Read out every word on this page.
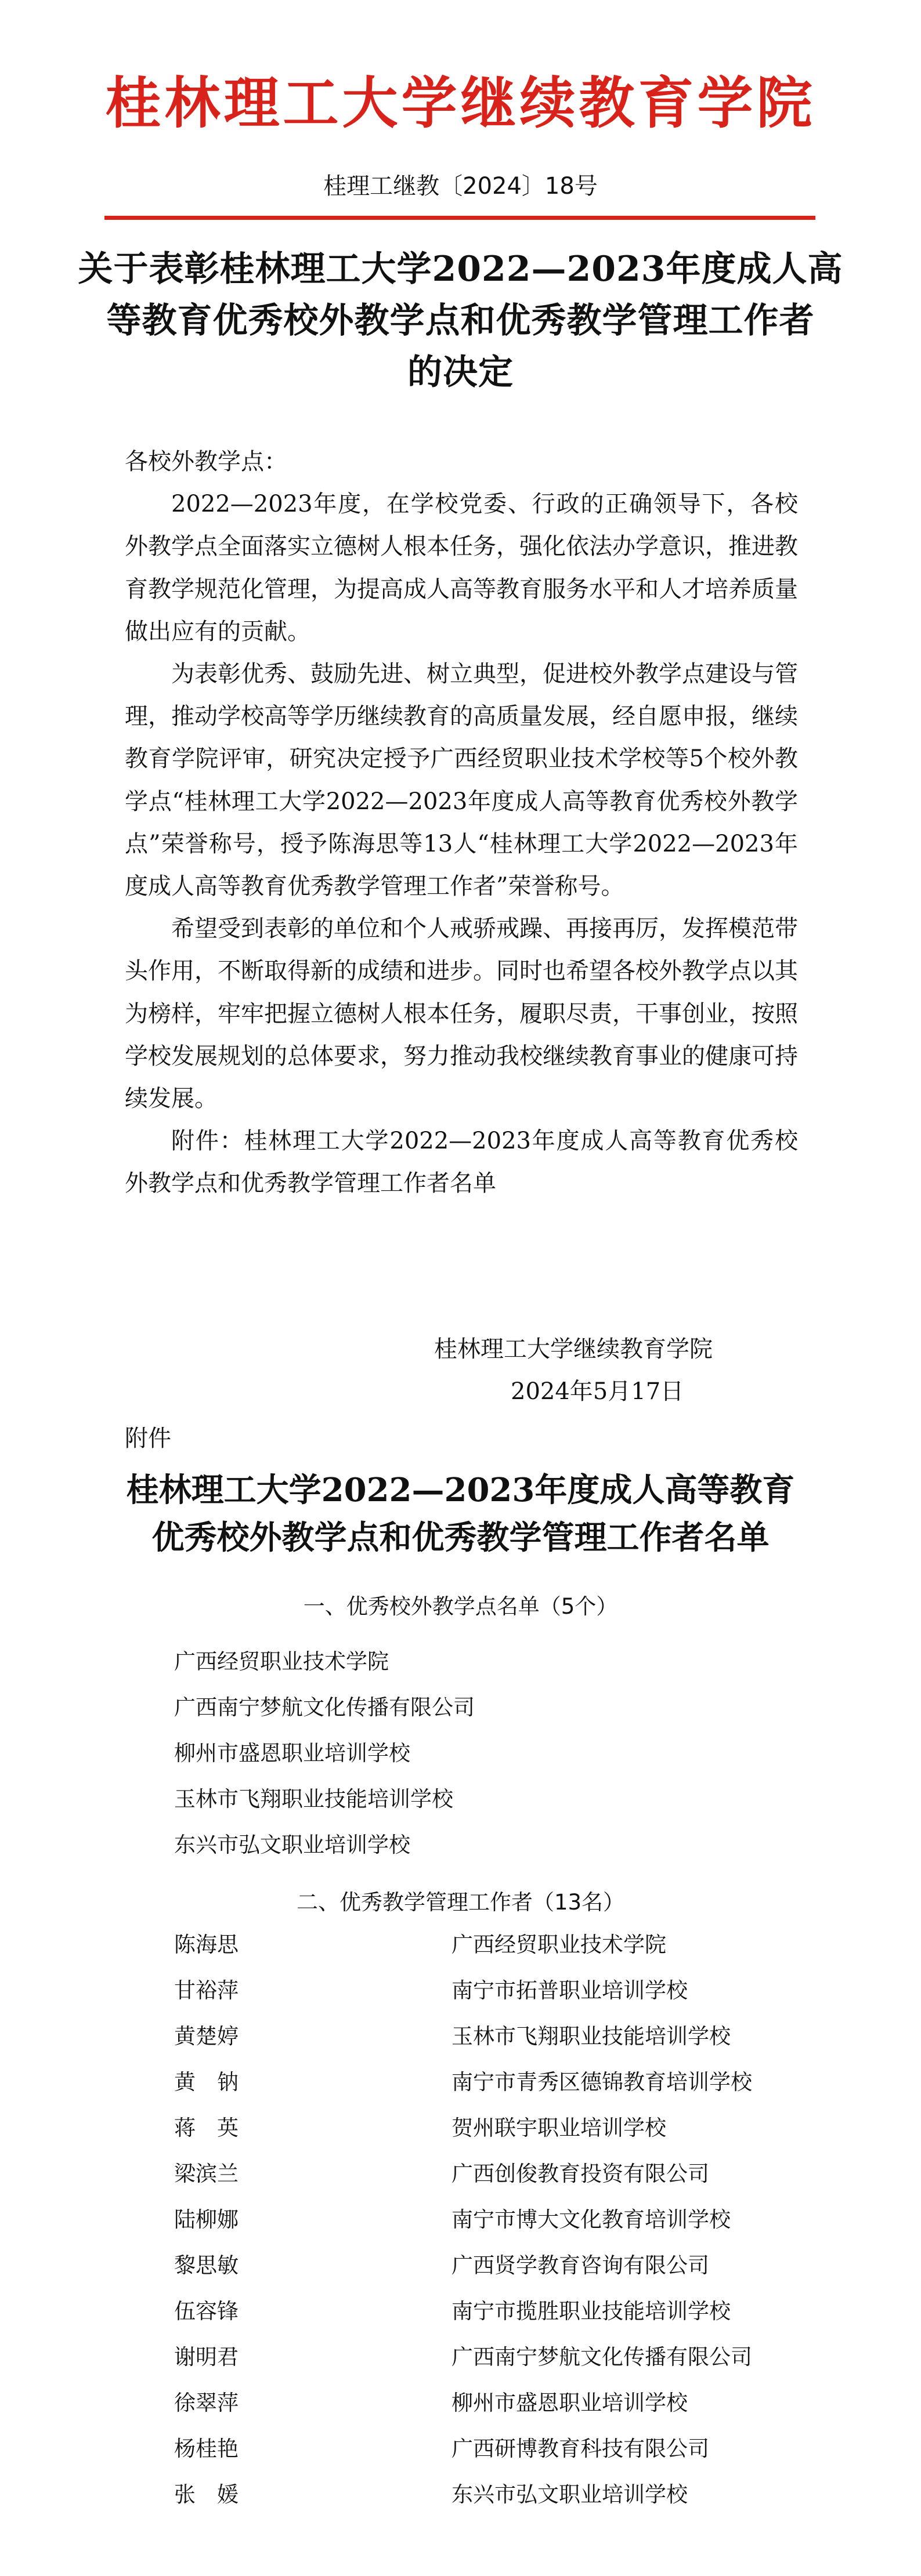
桂林理工大学继续教育学院
桂理工继教〔2024〕18号
关于表彰桂林理工大学2022—2023年度成人高
等教育优秀校外教学点和优秀教学管理工作者
的决定

各校外教学点：

2022—2023年度，在学校党委、行政的正确领导下，各校外教学点全面落实立德树人根本任务，强化依法办学意识，推进教育教学规范化管理，为提高成人高等教育服务水平和人才培养质量做出应有的贡献。

为表彰优秀、鼓励先进、树立典型，促进校外教学点建设与管理，推动学校高等学历继续教育的高质量发展，经自愿申报，继续教育学院评审，研究决定授予广西经贸职业技术学校等5个校外教学点“桂林理工大学2022—2023年度成人高等教育优秀校外教学点”荣誉称号，授予陈海思等13人“桂林理工大学2022—2023年度成人高等教育优秀教学管理工作者”荣誉称号。

希望受到表彰的单位和个人戒骄戒躁、再接再厉，发挥模范带头作用，不断取得新的成绩和进步。同时也希望各校外教学点以其为榜样，牢牢把握立德树人根本任务，履职尽责，干事创业，按照学校发展规划的总体要求，努力推动我校继续教育事业的健康可持续发展。

附件：桂林理工大学2022—2023年度成人高等教育优秀校外教学点和优秀教学管理工作者名单

桂林理工大学继续教育学院
2024年5月17日
附件
桂林理工大学2022—2023年度成人高等教育
优秀校外教学点和优秀教学管理工作者名单
一、优秀校外教学点名单（5个）
广西经贸职业技术学院
广西南宁梦航文化传播有限公司
柳州市盛恩职业培训学校
玉林市飞翔职业技能培训学校
东兴市弘文职业培训学校
二、优秀教学管理工作者（13名）
陈海思	广西经贸职业技术学院
甘裕萍	南宁市拓普职业培训学校
黄楚婷	玉林市飞翔职业技能培训学校
黄　钠	南宁市青秀区德锦教育培训学校
蒋　英	贺州联宇职业培训学校
梁滨兰	广西创俊教育投资有限公司
陆柳娜	南宁市博大文化教育培训学校
黎思敏	广西贤学教育咨询有限公司
伍容锋	南宁市揽胜职业技能培训学校
谢明君	广西南宁梦航文化传播有限公司
徐翠萍	柳州市盛恩职业培训学校
杨桂艳	广西研博教育科技有限公司
张　媛	东兴市弘文职业培训学校
